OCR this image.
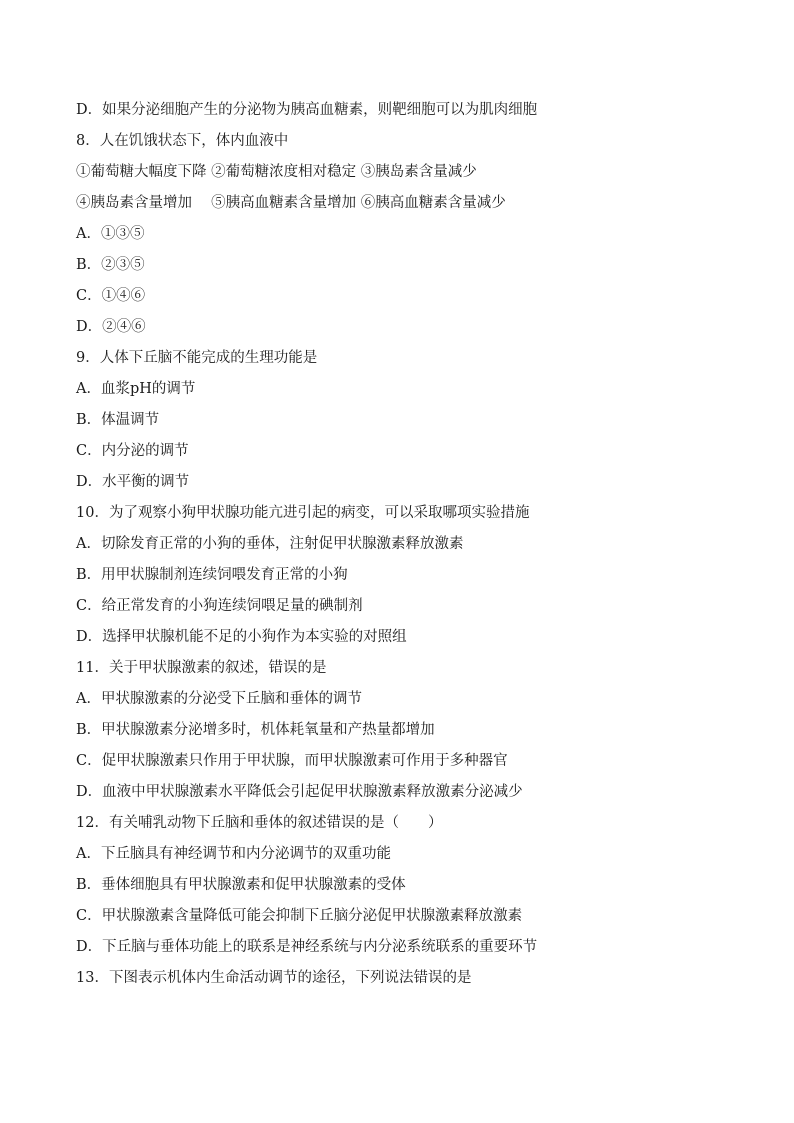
D．如果分泌细胞产生的分泌物为胰高血糖素，则靶细胞可以为肌肉细胞
8．人在饥饿状态下，体内血液中
①葡萄糖大幅度下降 ②葡萄糖浓度相对稳定 ③胰岛素含量减少
④胰岛素含量增加　 ⑤胰高血糖素含量增加 ⑥胰高血糖素含量减少
A．①③⑤
B．②③⑤
C．①④⑥
D．②④⑥
9．人体下丘脑不能完成的生理功能是
A．血浆pH的调节
B．体温调节
C．内分泌的调节
D．水平衡的调节
10．为了观察小狗甲状腺功能亢进引起的病变，可以采取哪项实验措施
A．切除发育正常的小狗的垂体，注射促甲状腺激素释放激素
B．用甲状腺制剂连续饲喂发育正常的小狗
C．给正常发育的小狗连续饲喂足量的碘制剂
D．选择甲状腺机能不足的小狗作为本实验的对照组
11．关于甲状腺激素的叙述，错误的是
A．甲状腺激素的分泌受下丘脑和垂体的调节
B．甲状腺激素分泌增多时，机体耗氧量和产热量都增加
C．促甲状腺激素只作用于甲状腺，而甲状腺激素可作用于多种器官
D．血液中甲状腺激素水平降低会引起促甲状腺激素释放激素分泌减少
12．有关哺乳动物下丘脑和垂体的叙述错误的是（　　）
A．下丘脑具有神经调节和内分泌调节的双重功能
B．垂体细胞具有甲状腺激素和促甲状腺激素的受体
C．甲状腺激素含量降低可能会抑制下丘脑分泌促甲状腺激素释放激素
D．下丘脑与垂体功能上的联系是神经系统与内分泌系统联系的重要环节
13．下图表示机体内生命活动调节的途径，下列说法错误的是
